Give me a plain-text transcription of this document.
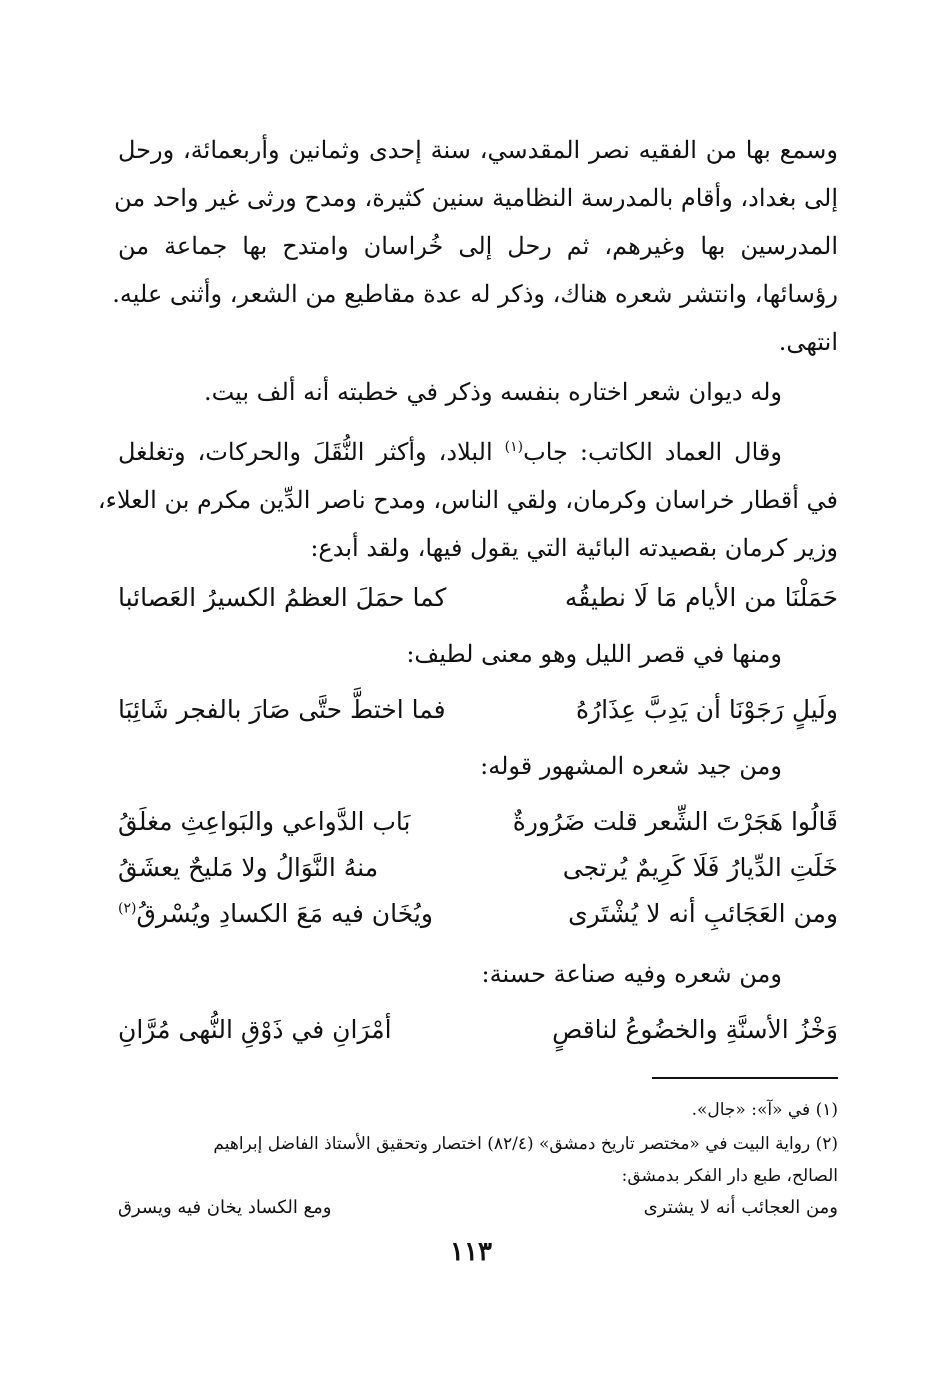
وسمع بها من الفقيه نصر المقدسي، سنة إحدى وثمانين وأربعمائة، ورحل
إلى بغداد، وأقام بالمدرسة النظامية سنين كثيرة، ومدح ورثى غير واحد من
المدرسين بها وغيرهم، ثم رحل إلى خُراسان وامتدح بها جماعة من
رؤسائها، وانتشر شعره هناك، وذكر له عدة مقاطيع من الشعر، وأثنى عليه.
انتهى.
وله ديوان شعر اختاره بنفسه وذكر في خطبته أنه ألف بيت.
وقال العماد الكاتب: جاب$^{(١)}$ البلاد، وأكثر النُّقَلَ والحركات، وتغلغل
في أقطار خراسان وكرمان، ولقي الناس، ومدح ناصر الدِّين مكرم بن العلاء،
وزير كرمان بقصيدته البائية التي يقول فيها، ولقد أبدع:
حَمَلْنَا من الأيام مَا لَا نطيقُه
كما حمَلَ العظمُ الكسيرُ العَصائبا
ومنها في قصر الليل وهو معنى لطيف:
ولَيلٍ رَجَوْنَا أن يَدِبَّ عِذَارُهُ
فما اختطَّ حتَّى صَارَ بالفجر شَائِبَا
ومن جيد شعره المشهور قوله:
قَالُوا هَجَرْتَ الشِّعر قلت ضَرُورةٌ
بَاب الدَّواعي والبَواعِثِ مغلَقُ
خَلَتِ الدِّيارُ فَلَا كَرِيمٌ يُرتجى
منهُ النَّوَالُ ولا مَليحٌ يعشَقُ
ومن العَجَائبِ أنه لا يُشْتَرى
ويُخَان فيه مَعَ الكسادِ ويُسْرقُ$^{(٢)}$
ومن شعره وفيه صناعة حسنة:
وَخْزُ الأسنَّةِ والخضُوعُ لناقصٍ
أمْرَانِ في ذَوْقِ النُّهى مُرَّانِ
(١) في «آ»: «جال».
(٢) رواية البيت في «مختصر تاريخ دمشق» (٨٢/٤) اختصار وتحقيق الأستاذ الفاضل إبراهيم
الصالح، طبع دار الفكر بدمشق:
ومن العجائب أنه لا يشترى
ومع الكساد يخان فيه ويسرق
١١٣
